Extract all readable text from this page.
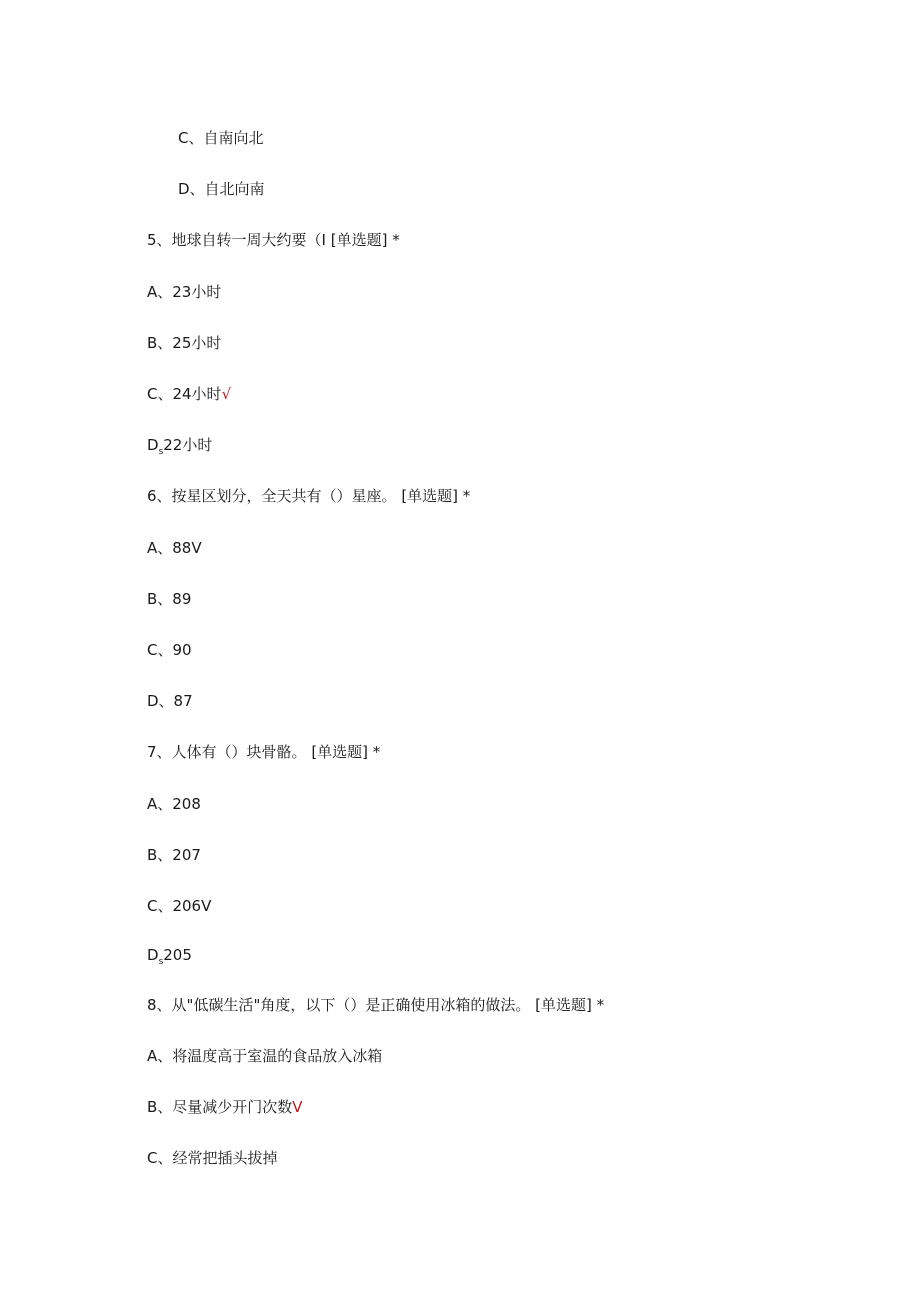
C、自南向北
D、自北向南
5、地球自转一周大约要（I [单选题] *
A、23小时
B、25小时
C、24小时√
$D_s22$小时
6、按星区划分，全天共有（）星座。 [单选题] *
A、88V
B、89
C、90
D、87
7、人体有（）块骨骼。 [单选题] *
A、208
B、207
C、206V
$D_s205$
8、从"低碳生活"角度，以下（）是正确使用冰箱的做法。 [单选题] *
A、将温度高于室温的食品放入冰箱
B、尽量减少开门次数V
C、经常把插头拔掉
